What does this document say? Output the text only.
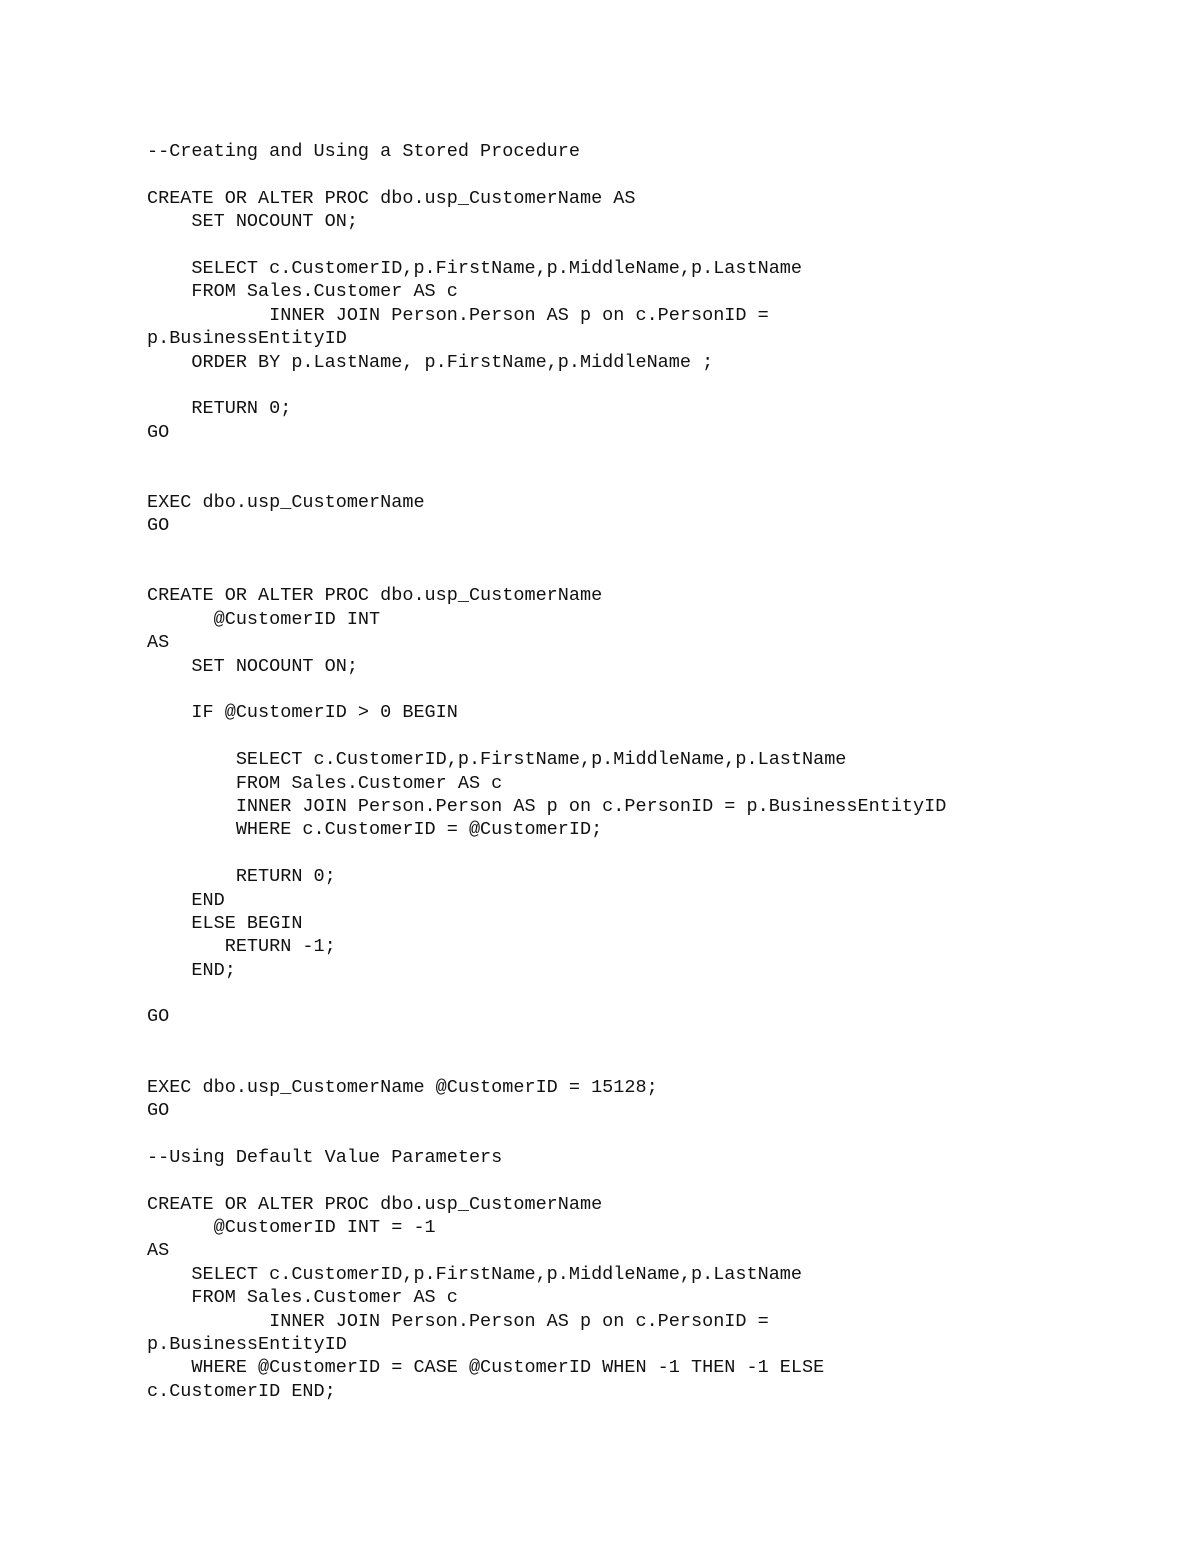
--Creating and Using a Stored Procedure
CREATE OR ALTER PROC dbo.usp_CustomerName AS
SET NOCOUNT ON;
SELECT c.CustomerID,p.FirstName,p.MiddleName,p.LastName
FROM Sales.Customer AS c
INNER JOIN Person.Person AS p on c.PersonID =
p.BusinessEntityID
ORDER BY p.LastName, p.FirstName,p.MiddleName ;
RETURN 0;
GO
EXEC dbo.usp_CustomerName
GO
CREATE OR ALTER PROC dbo.usp_CustomerName
@CustomerID INT
AS
SET NOCOUNT ON;
IF @CustomerID > 0 BEGIN
SELECT c.CustomerID,p.FirstName,p.MiddleName,p.LastName
FROM Sales.Customer AS c
INNER JOIN Person.Person AS p on c.PersonID = p.BusinessEntityID
WHERE c.CustomerID = @CustomerID;
RETURN 0;
END
ELSE BEGIN
RETURN -1;
END;
GO
EXEC dbo.usp_CustomerName @CustomerID = 15128;
GO
--Using Default Value Parameters
CREATE OR ALTER PROC dbo.usp_CustomerName
@CustomerID INT = -1
AS
SELECT c.CustomerID,p.FirstName,p.MiddleName,p.LastName
FROM Sales.Customer AS c
INNER JOIN Person.Person AS p on c.PersonID =
p.BusinessEntityID
WHERE @CustomerID = CASE @CustomerID WHEN -1 THEN -1 ELSE
c.CustomerID END;
